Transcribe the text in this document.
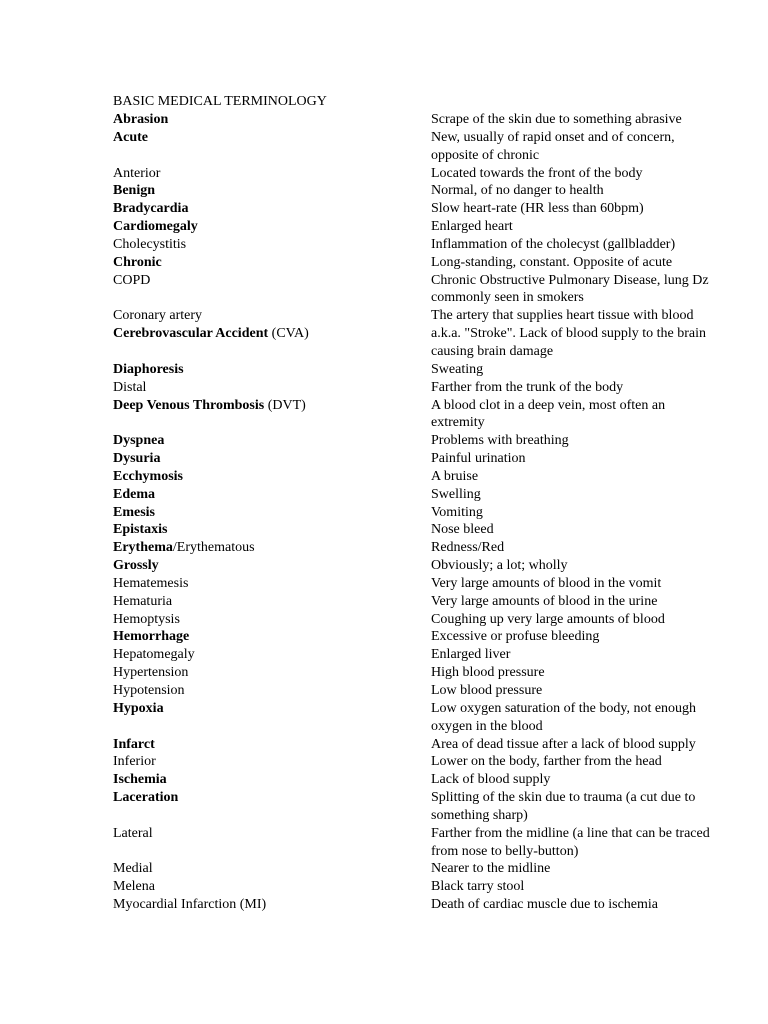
BASIC MEDICAL TERMINOLOGY
Abrasion	Scrape of the skin due to something abrasive
Acute	New, usually of rapid onset and of concern,
opposite of chronic
Anterior	Located towards the front of the body
Benign	Normal, of no danger to health
Bradycardia	Slow heart-rate (HR less than 60bpm)
Cardiomegaly	Enlarged heart
Cholecystitis	Inflammation of the cholecyst (gallbladder)
Chronic	Long-standing, constant. Opposite of acute
COPD	Chronic Obstructive Pulmonary Disease, lung Dz
commonly seen in smokers
Coronary artery	The artery that supplies heart tissue with blood
Cerebrovascular Accident (CVA)	a.k.a. "Stroke". Lack of blood supply to the brain
causing brain damage
Diaphoresis	Sweating
Distal	Farther from the trunk of the body
Deep Venous Thrombosis (DVT)	A blood clot in a deep vein, most often an
extremity
Dyspnea	Problems with breathing
Dysuria	Painful urination
Ecchymosis	A bruise
Edema	Swelling
Emesis	Vomiting
Epistaxis	Nose bleed
Erythema/Erythematous	Redness/Red
Grossly	Obviously; a lot; wholly
Hematemesis	Very large amounts of blood in the vomit
Hematuria	Very large amounts of blood in the urine
Hemoptysis	Coughing up very large amounts of blood
Hemorrhage	Excessive or profuse bleeding
Hepatomegaly	Enlarged liver
Hypertension	High blood pressure
Hypotension	Low blood pressure
Hypoxia	Low oxygen saturation of the body, not enough
oxygen in the blood
Infarct	Area of dead tissue after a lack of blood supply
Inferior	Lower on the body, farther from the head
Ischemia	Lack of blood supply
Laceration	Splitting of the skin due to trauma (a cut due to
something sharp)
Lateral	Farther from the midline (a line that can be traced
from nose to belly-button)
Medial	Nearer to the midline
Melena	Black tarry stool
Myocardial Infarction (MI)	Death of cardiac muscle due to ischemia
